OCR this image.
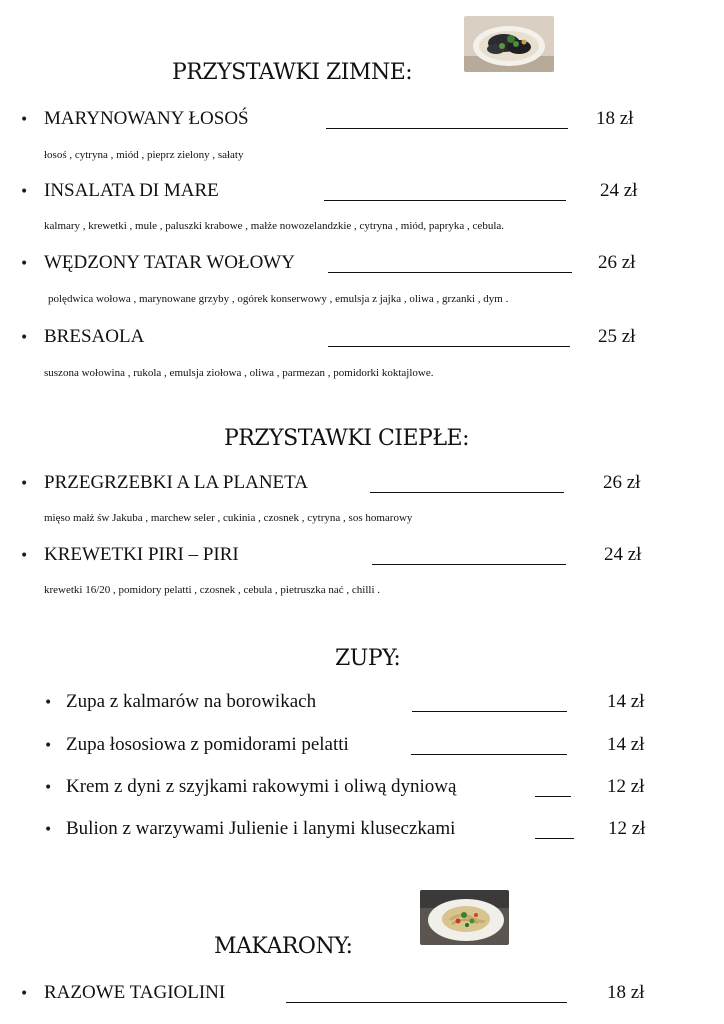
PRZYSTAWKI ZIMNE:
• MARYNOWANY ŁOSOŚ	18 zł
łosoś , cytryna , miód , pieprz zielony , sałaty
• INSALATA DI MARE	24 zł
kalmary , krewetki , mule , paluszki krabowe , małże nowozelandzkie , cytryna , miód, papryka , cebula.
• WĘDZONY TATAR WOŁOWY	26 zł
polędwica wołowa , marynowane grzyby , ogórek konserwowy , emulsja z jajka , oliwa , grzanki , dym .
• BRESAOLA	25 zł
suszona wołowina , rukola , emulsja ziołowa , oliwa , parmezan , pomidorki koktajlowe.
PRZYSTAWKI CIEPŁE:
• PRZEGRZEBKI A LA PLANETA	26 zł
mięso małż św Jakuba , marchew seler , cukinia , czosnek , cytryna , sos homarowy
• KREWETKI PIRI – PIRI	24 zł
krewetki 16/20 , pomidory pelatti , czosnek , cebula , pietruszka nać , chilli .
ZUPY:
• Zupa z kalmarów na borowikach	14 zł
• Zupa łososiowa z pomidorami pelatti	14 zł
• Krem z dyni z szyjkami rakowymi i oliwą dyniową	12 zł
• Bulion z warzywami Julienie i lanymi kluseczkami	12 zł
MAKARONY:
• RAZOWE TAGIOLINI	18 zł
